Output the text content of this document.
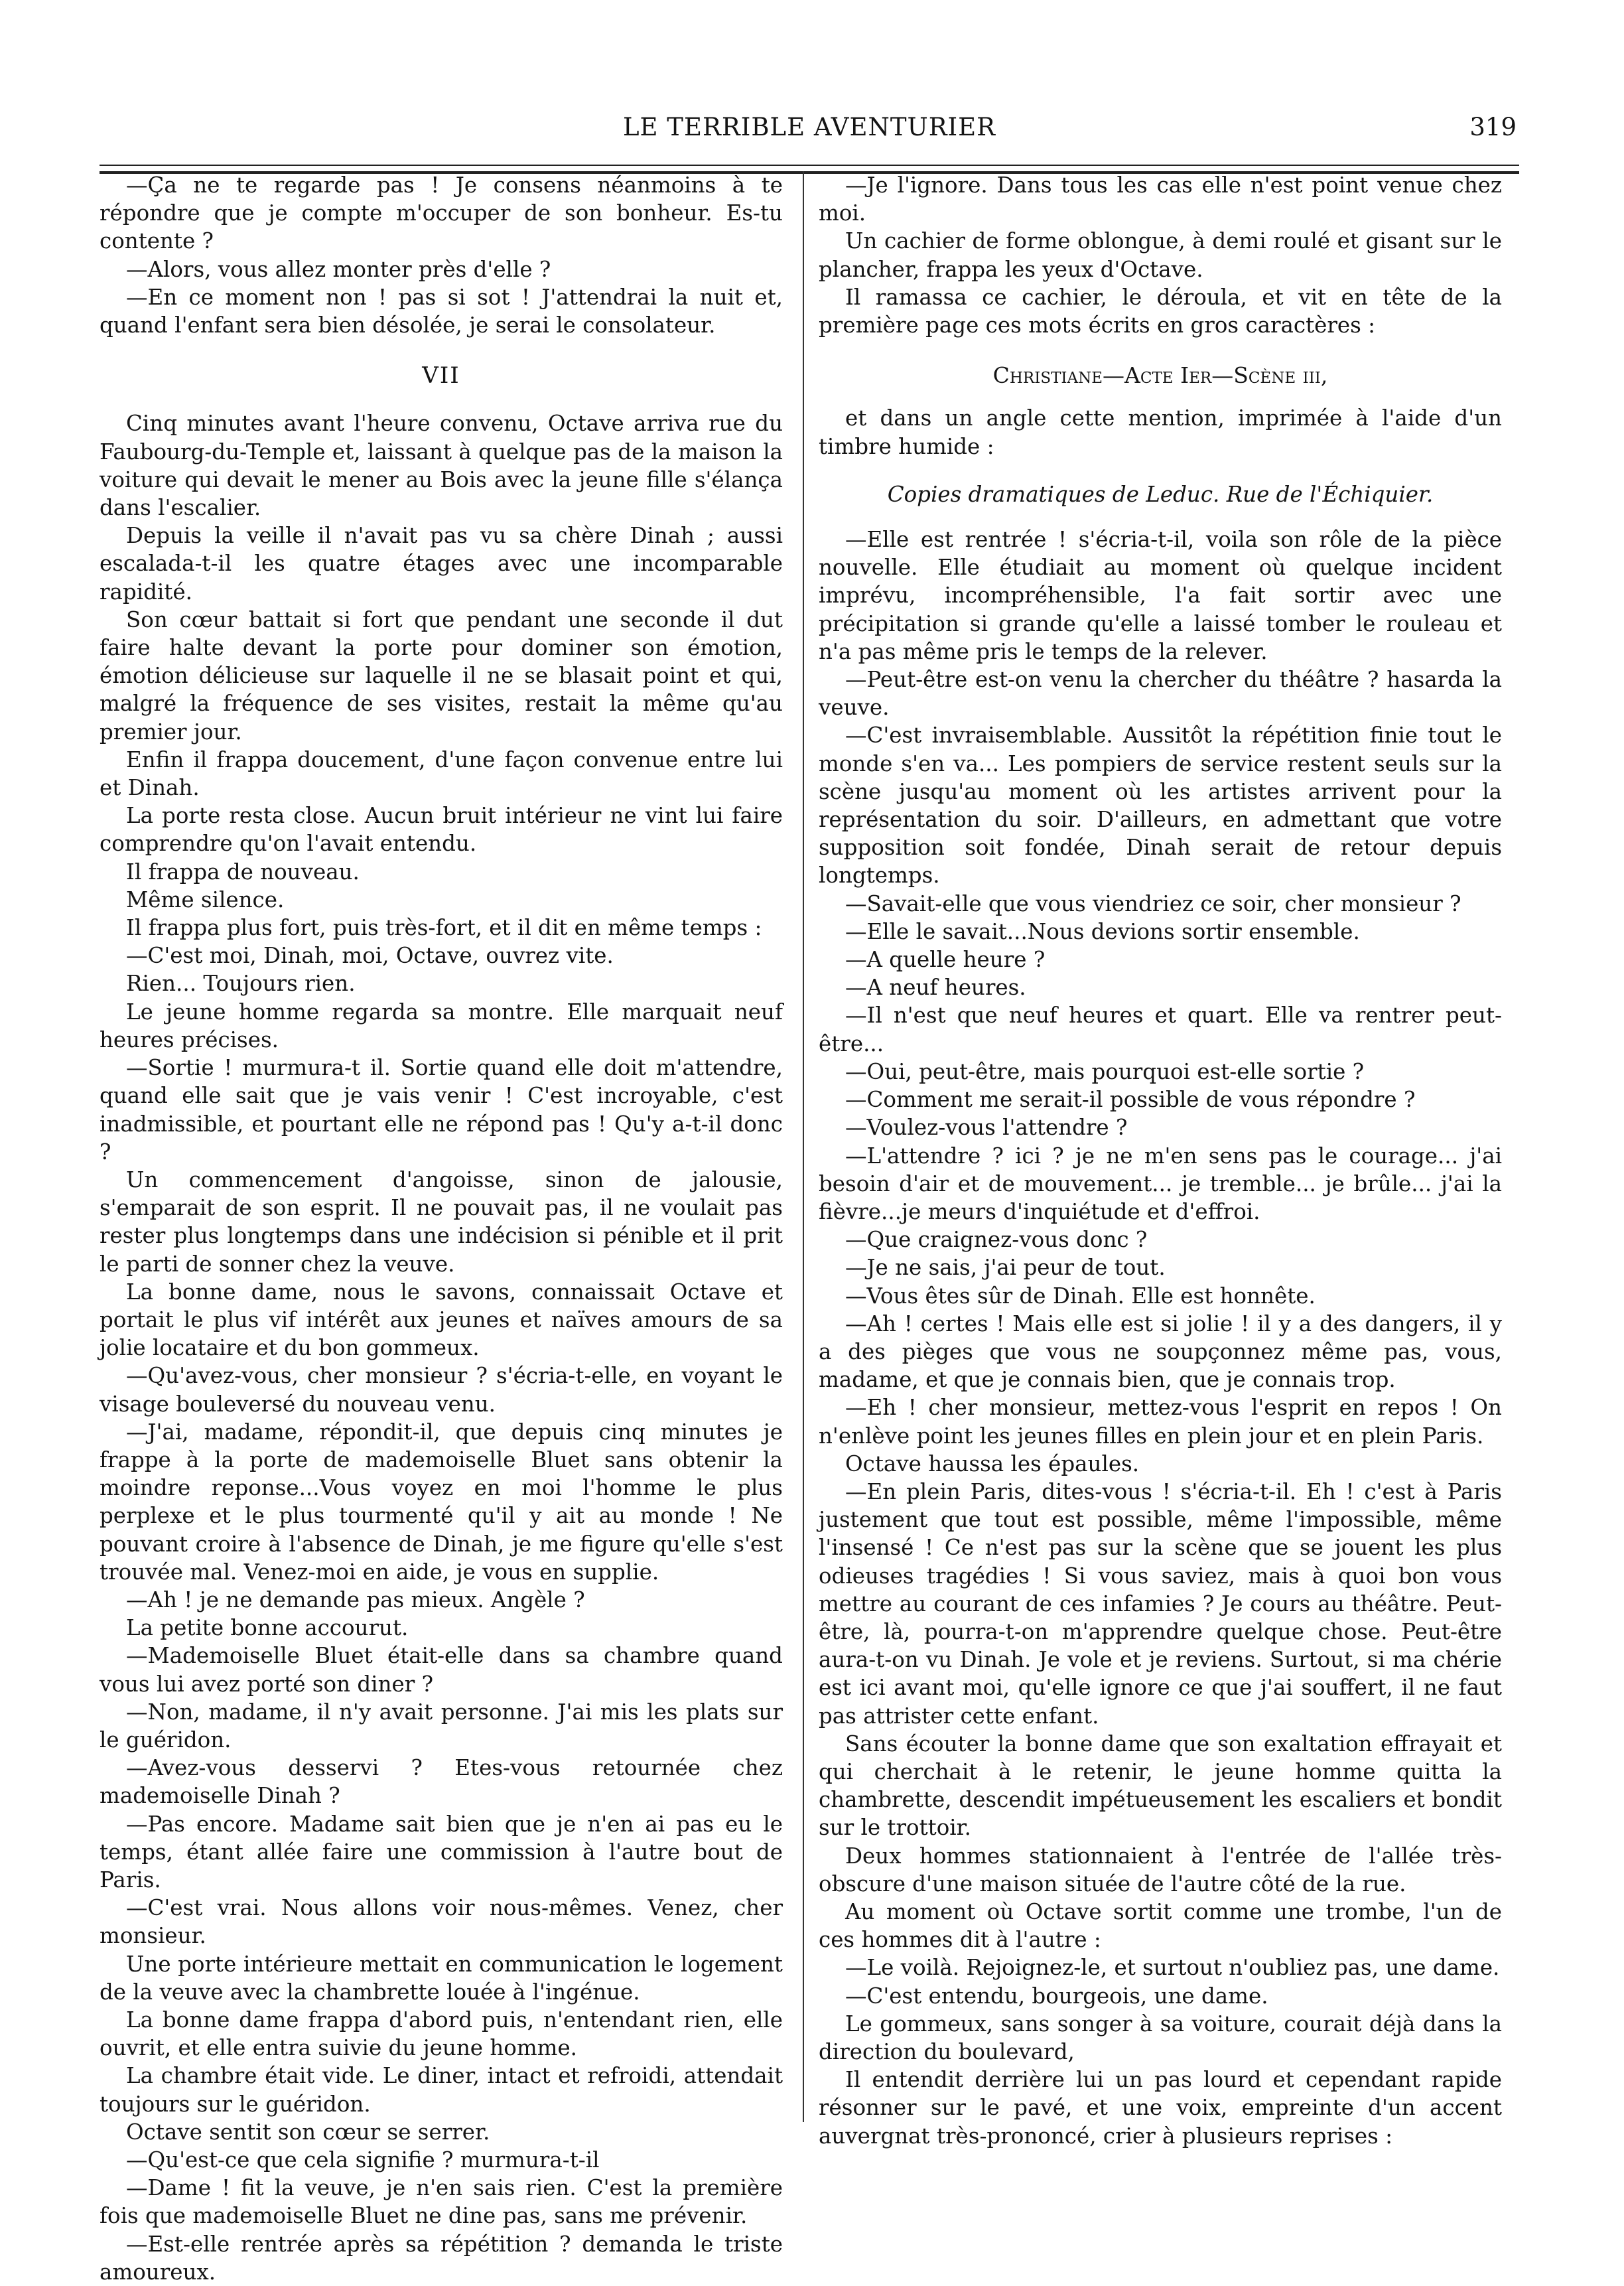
LE TERRIBLE AVENTURIER	319

—Ça ne te regarde pas ! Je consens néanmoins à te répondre que je compte m'occuper de son bonheur. Es-tu contente ?

—Alors, vous allez monter près d'elle ?

—En ce moment non ! pas si sot ! J'attendrai la nuit et, quand l'enfant sera bien désolée, je serai le consolateur.

VII

Cinq minutes avant l'heure convenu, Octave arriva rue du Faubourg-du-Temple et, laissant à quelque pas de la maison la voiture qui devait le mener au Bois avec la jeune fille s'élança dans l'escalier.

Depuis la veille il n'avait pas vu sa chère Dinah ; aussi escalada-t-il les quatre étages avec une incomparable rapidité.

Son cœur battait si fort que pendant une seconde il dut faire halte devant la porte pour dominer son émotion, émotion délicieuse sur laquelle il ne se blasait point et qui, malgré la fréquence de ses visites, restait la même qu'au premier jour.

Enfin il frappa doucement, d'une façon convenue entre lui et Dinah.

La porte resta close. Aucun bruit intérieur ne vint lui faire comprendre qu'on l'avait entendu.

Il frappa de nouveau.

Même silence.

Il frappa plus fort, puis très-fort, et il dit en même temps :

—C'est moi, Dinah, moi, Octave, ouvrez vite.

Rien... Toujours rien.

Le jeune homme regarda sa montre. Elle marquait neuf heures précises.

—Sortie ! murmura-t il. Sortie quand elle doit m'attendre, quand elle sait que je vais venir ! C'est incroyable, c'est inadmissible, et pourtant elle ne répond pas ! Qu'y a-t-il donc ?

Un commencement d'angoisse, sinon de jalousie, s'emparait de son esprit. Il ne pouvait pas, il ne voulait pas rester plus longtemps dans une indécision si pénible et il prit le parti de sonner chez la veuve.

La bonne dame, nous le savons, connaissait Octave et portait le plus vif intérêt aux jeunes et naïves amours de sa jolie locataire et du bon gommeux.

—Qu'avez-vous, cher monsieur ? s'écria-t-elle, en voyant le visage bouleversé du nouveau venu.

—J'ai, madame, répondit-il, que depuis cinq minutes je frappe à la porte de mademoiselle Bluet sans obtenir la moindre reponse...Vous voyez en moi l'homme le plus perplexe et le plus tourmenté qu'il y ait au monde ! Ne pouvant croire à l'absence de Dinah, je me figure qu'elle s'est trouvée mal. Venez-moi en aide, je vous en supplie.

—Ah ! je ne demande pas mieux. Angèle ?

La petite bonne accourut.

—Mademoiselle Bluet était-elle dans sa chambre quand vous lui avez porté son diner ?

—Non, madame, il n'y avait personne. J'ai mis les plats sur le guéridon.

—Avez-vous desservi ? Etes-vous retournée chez mademoiselle Dinah ?

—Pas encore. Madame sait bien que je n'en ai pas eu le temps, étant allée faire une commission à l'autre bout de Paris.

—C'est vrai. Nous allons voir nous-mêmes. Venez, cher monsieur.

Une porte intérieure mettait en communication le logement de la veuve avec la chambrette louée à l'ingénue.

La bonne dame frappa d'abord puis, n'entendant rien, elle ouvrit, et elle entra suivie du jeune homme.

La chambre était vide. Le diner, intact et refroidi, attendait toujours sur le guéridon.

Octave sentit son cœur se serrer.

—Qu'est-ce que cela signifie ? murmura-t-il

—Dame ! fit la veuve, je n'en sais rien. C'est la première fois que mademoiselle Bluet ne dine pas, sans me prévenir.

—Est-elle rentrée après sa répétition ? demanda le triste amoureux.

—Je l'ignore. Dans tous les cas elle n'est point venue chez moi.

Un cachier de forme oblongue, à demi roulé et gisant sur le plancher, frappa les yeux d'Octave.

Il ramassa ce cachier, le déroula, et vit en tête de la première page ces mots écrits en gros caractères :

Christiane—Acte Ier—Scène iii,

et dans un angle cette mention, imprimée à l'aide d'un timbre humide :

Copies dramatiques de Leduc. Rue de l'Échiquier.

—Elle est rentrée ! s'écria-t-il, voila son rôle de la pièce nouvelle. Elle étudiait au moment où quelque incident imprévu, incompréhensible, l'a fait sortir avec une précipitation si grande qu'elle a laissé tomber le rouleau et n'a pas même pris le temps de la relever.

—Peut-être est-on venu la chercher du théâtre ? hasarda la veuve.

—C'est invraisemblable. Aussitôt la répétition finie tout le monde s'en va... Les pompiers de service restent seuls sur la scène jusqu'au moment où les artistes arrivent pour la représentation du soir. D'ailleurs, en admettant que votre supposition soit fondée, Dinah serait de retour depuis longtemps.

—Savait-elle que vous viendriez ce soir, cher monsieur ?

—Elle le savait...Nous devions sortir ensemble.

—A quelle heure ?

—A neuf heures.

—Il n'est que neuf heures et quart. Elle va rentrer peut-être...

—Oui, peut-être, mais pourquoi est-elle sortie ?

—Comment me serait-il possible de vous répondre ?

—Voulez-vous l'attendre ?

—L'attendre ? ici ? je ne m'en sens pas le courage... j'ai besoin d'air et de mouvement... je tremble... je brûle... j'ai la fièvre...je meurs d'inquiétude et d'effroi.

—Que craignez-vous donc ?

—Je ne sais, j'ai peur de tout.

—Vous êtes sûr de Dinah. Elle est honnête.

—Ah ! certes ! Mais elle est si jolie ! il y a des dangers, il y a des pièges que vous ne soupçonnez même pas, vous, madame, et que je connais bien, que je connais trop.

—Eh ! cher monsieur, mettez-vous l'esprit en repos ! On n'enlève point les jeunes filles en plein jour et en plein Paris.

Octave haussa les épaules.

—En plein Paris, dites-vous ! s'écria-t-il. Eh ! c'est à Paris justement que tout est possible, même l'impossible, même l'insensé ! Ce n'est pas sur la scène que se jouent les plus odieuses tragédies ! Si vous saviez, mais à quoi bon vous mettre au courant de ces infamies ? Je cours au théâtre. Peut-être, là, pourra-t-on m'apprendre quelque chose. Peut-être aura-t-on vu Dinah. Je vole et je reviens. Surtout, si ma chérie est ici avant moi, qu'elle ignore ce que j'ai souffert, il ne faut pas attrister cette enfant.

Sans écouter la bonne dame que son exaltation effrayait et qui cherchait à le retenir, le jeune homme quitta la chambrette, descendit impétueusement les escaliers et bondit sur le trottoir.

Deux hommes stationnaient à l'entrée de l'allée très-obscure d'une maison située de l'autre côté de la rue.

Au moment où Octave sortit comme une trombe, l'un de ces hommes dit à l'autre :

—Le voilà. Rejoignez-le, et surtout n'oubliez pas, une dame.

—C'est entendu, bourgeois, une dame.

Le gommeux, sans songer à sa voiture, courait déjà dans la direction du boulevard,

Il entendit derrière lui un pas lourd et cependant rapide résonner sur le pavé, et une voix, empreinte d'un accent auvergnat très-prononcé, crier à plusieurs reprises :
